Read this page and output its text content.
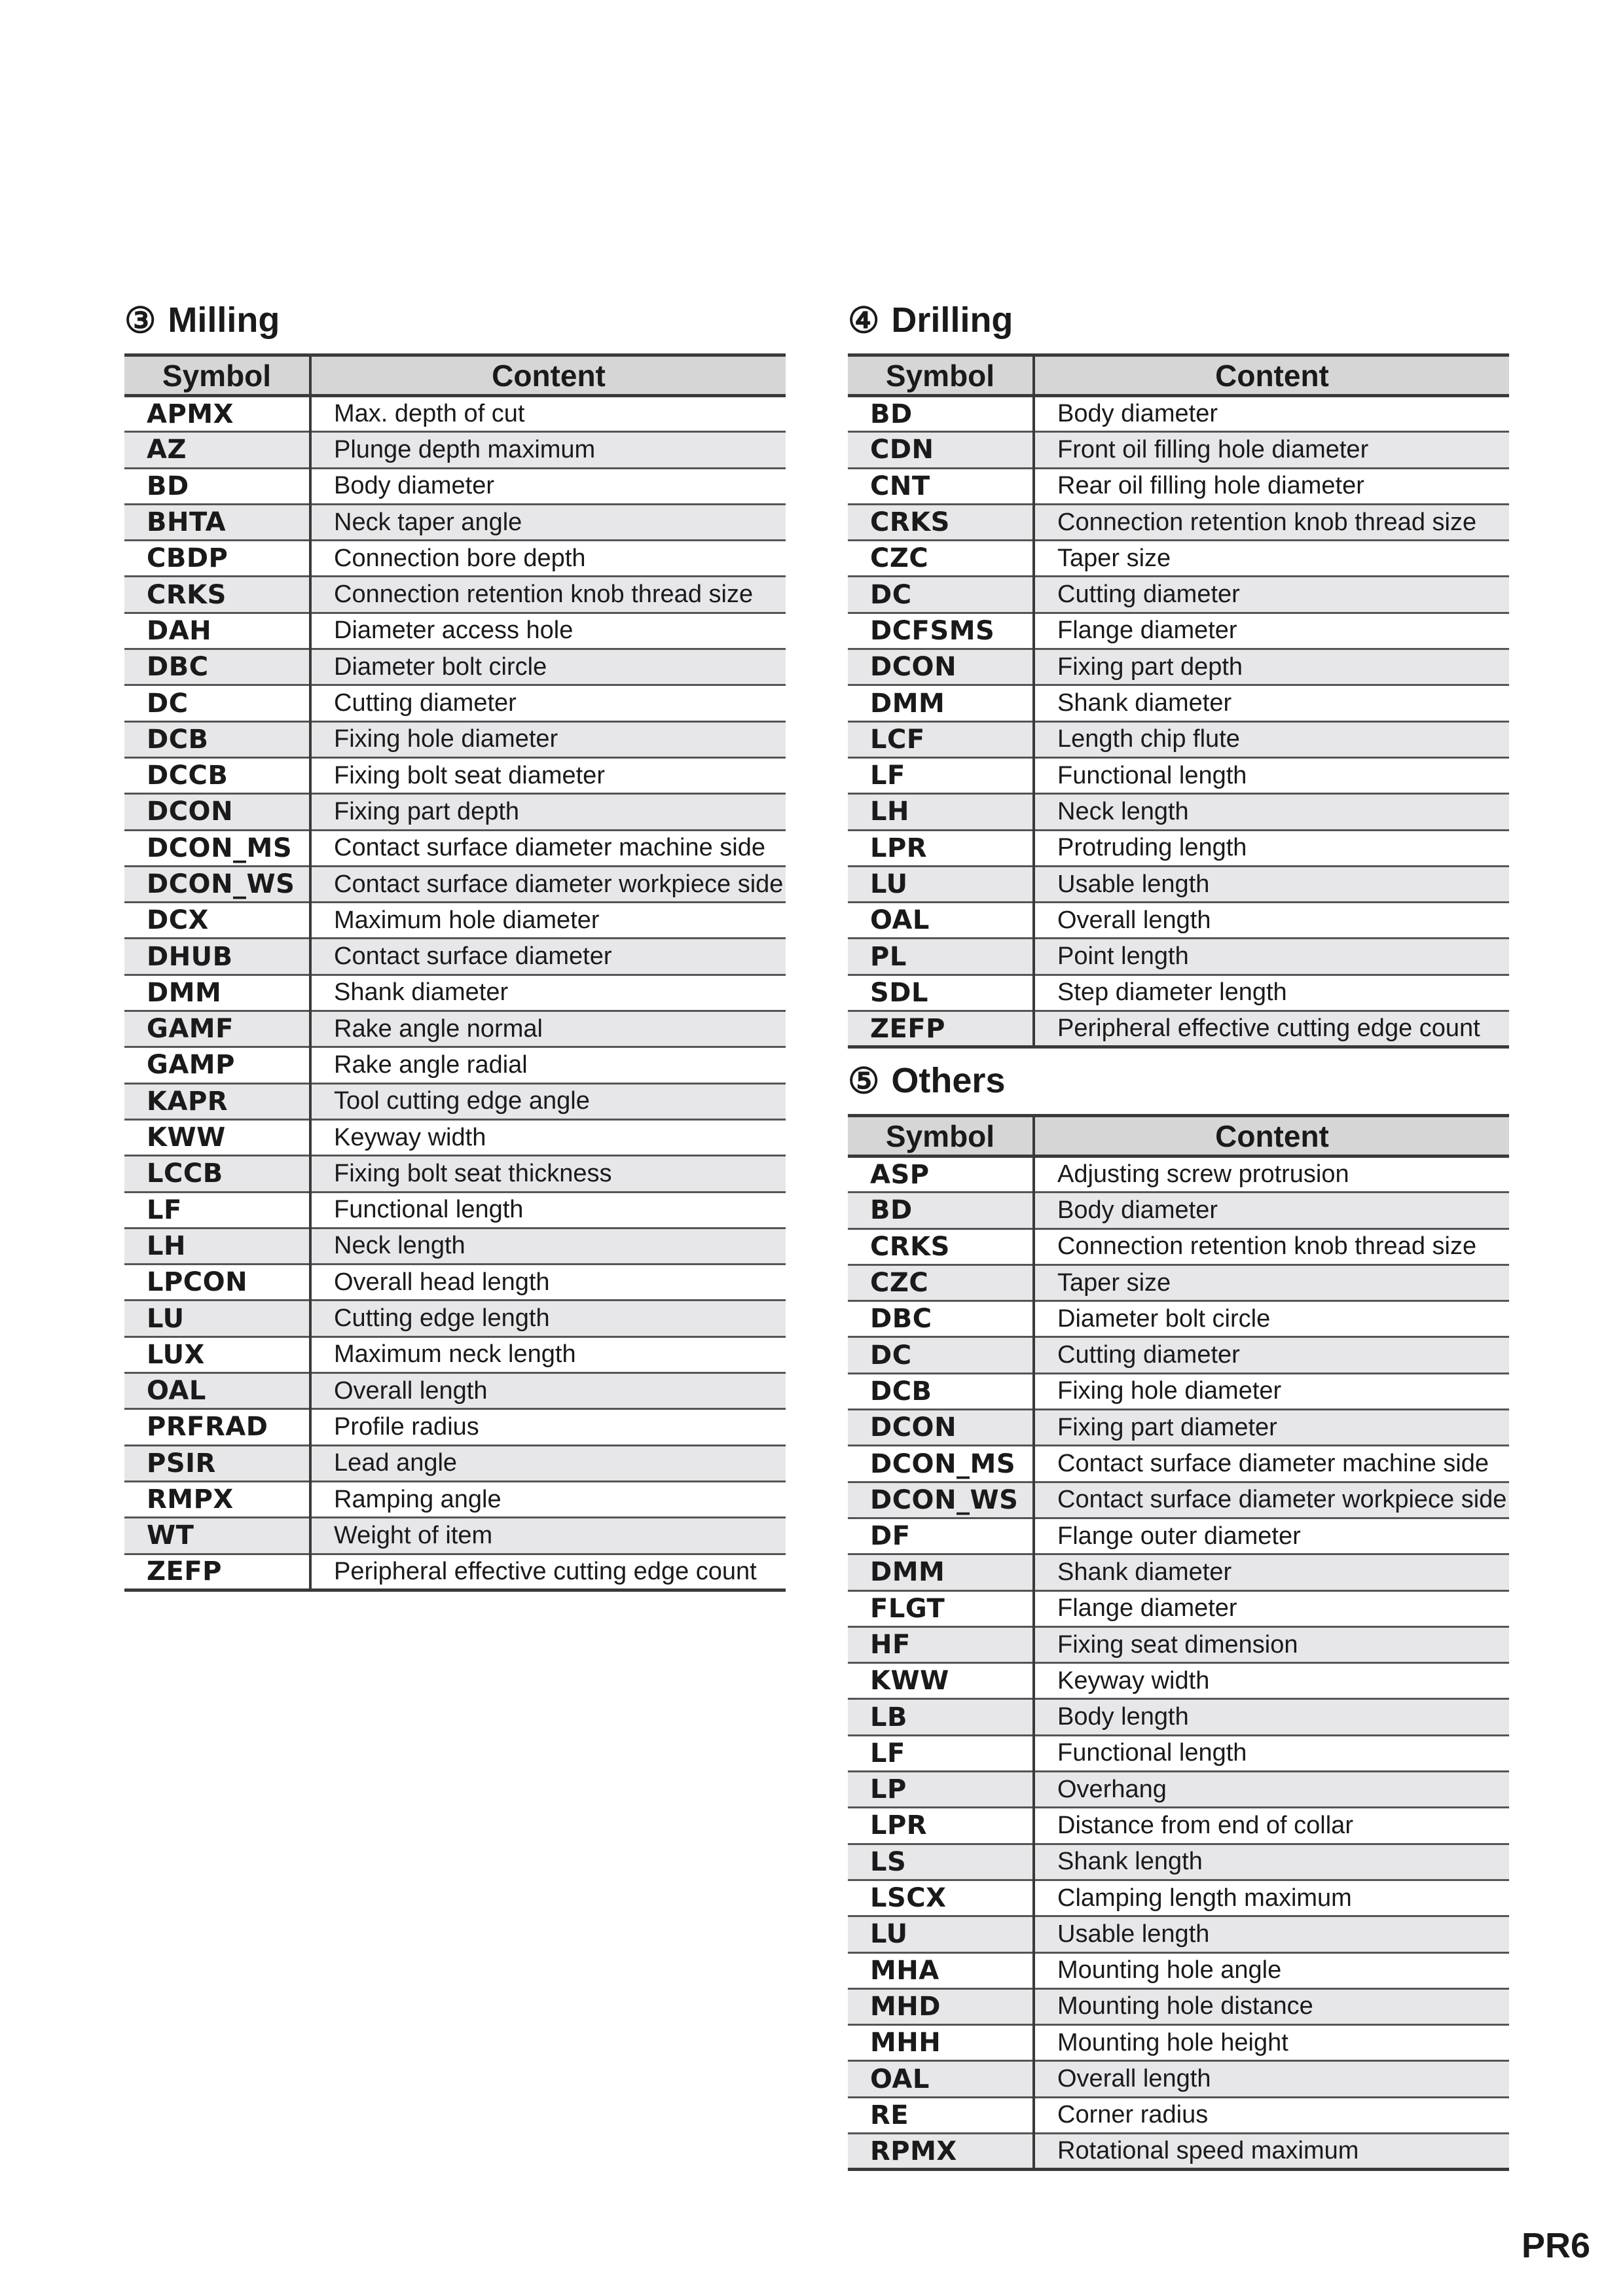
③ Milling
Symbol	Content
APMX	Max. depth of cut
AZ	Plunge depth maximum
BD	Body diameter
BHTA	Neck taper angle
CBDP	Connection bore depth
CRKS	Connection retention knob thread size
DAH	Diameter access hole
DBC	Diameter bolt circle
DC	Cutting diameter
DCB	Fixing hole diameter
DCCB	Fixing bolt seat diameter
DCON	Fixing part depth
DCON_MS	Contact surface diameter machine side
DCON_WS	Contact surface diameter workpiece side
DCX	Maximum hole diameter
DHUB	Contact surface diameter
DMM	Shank diameter
GAMF	Rake angle normal
GAMP	Rake angle radial
KAPR	Tool cutting edge angle
KWW	Keyway width
LCCB	Fixing bolt seat thickness
LF	Functional length
LH	Neck length
LPCON	Overall head length
LU	Cutting edge length
LUX	Maximum neck length
OAL	Overall length
PRFRAD	Profile radius
PSIR	Lead angle
RMPX	Ramping angle
WT	Weight of item
ZEFP	Peripheral effective cutting edge count
④ Drilling
Symbol	Content
BD	Body diameter
CDN	Front oil filling hole diameter
CNT	Rear oil filling hole diameter
CRKS	Connection retention knob thread size
CZC	Taper size
DC	Cutting diameter
DCFSMS	Flange diameter
DCON	Fixing part depth
DMM	Shank diameter
LCF	Length chip flute
LF	Functional length
LH	Neck length
LPR	Protruding length
LU	Usable length
OAL	Overall length
PL	Point length
SDL	Step diameter length
ZEFP	Peripheral effective cutting edge count
⑤ Others
Symbol	Content
ASP	Adjusting screw protrusion
BD	Body diameter
CRKS	Connection retention knob thread size
CZC	Taper size
DBC	Diameter bolt circle
DC	Cutting diameter
DCB	Fixing hole diameter
DCON	Fixing part diameter
DCON_MS	Contact surface diameter machine side
DCON_WS	Contact surface diameter workpiece side
DF	Flange outer diameter
DMM	Shank diameter
FLGT	Flange diameter
HF	Fixing seat dimension
KWW	Keyway width
LB	Body length
LF	Functional length
LP	Overhang
LPR	Distance from end of collar
LS	Shank length
LSCX	Clamping length maximum
LU	Usable length
MHA	Mounting hole angle
MHD	Mounting hole distance
MHH	Mounting hole height
OAL	Overall length
RE	Corner radius
RPMX	Rotational speed maximum
PR6
